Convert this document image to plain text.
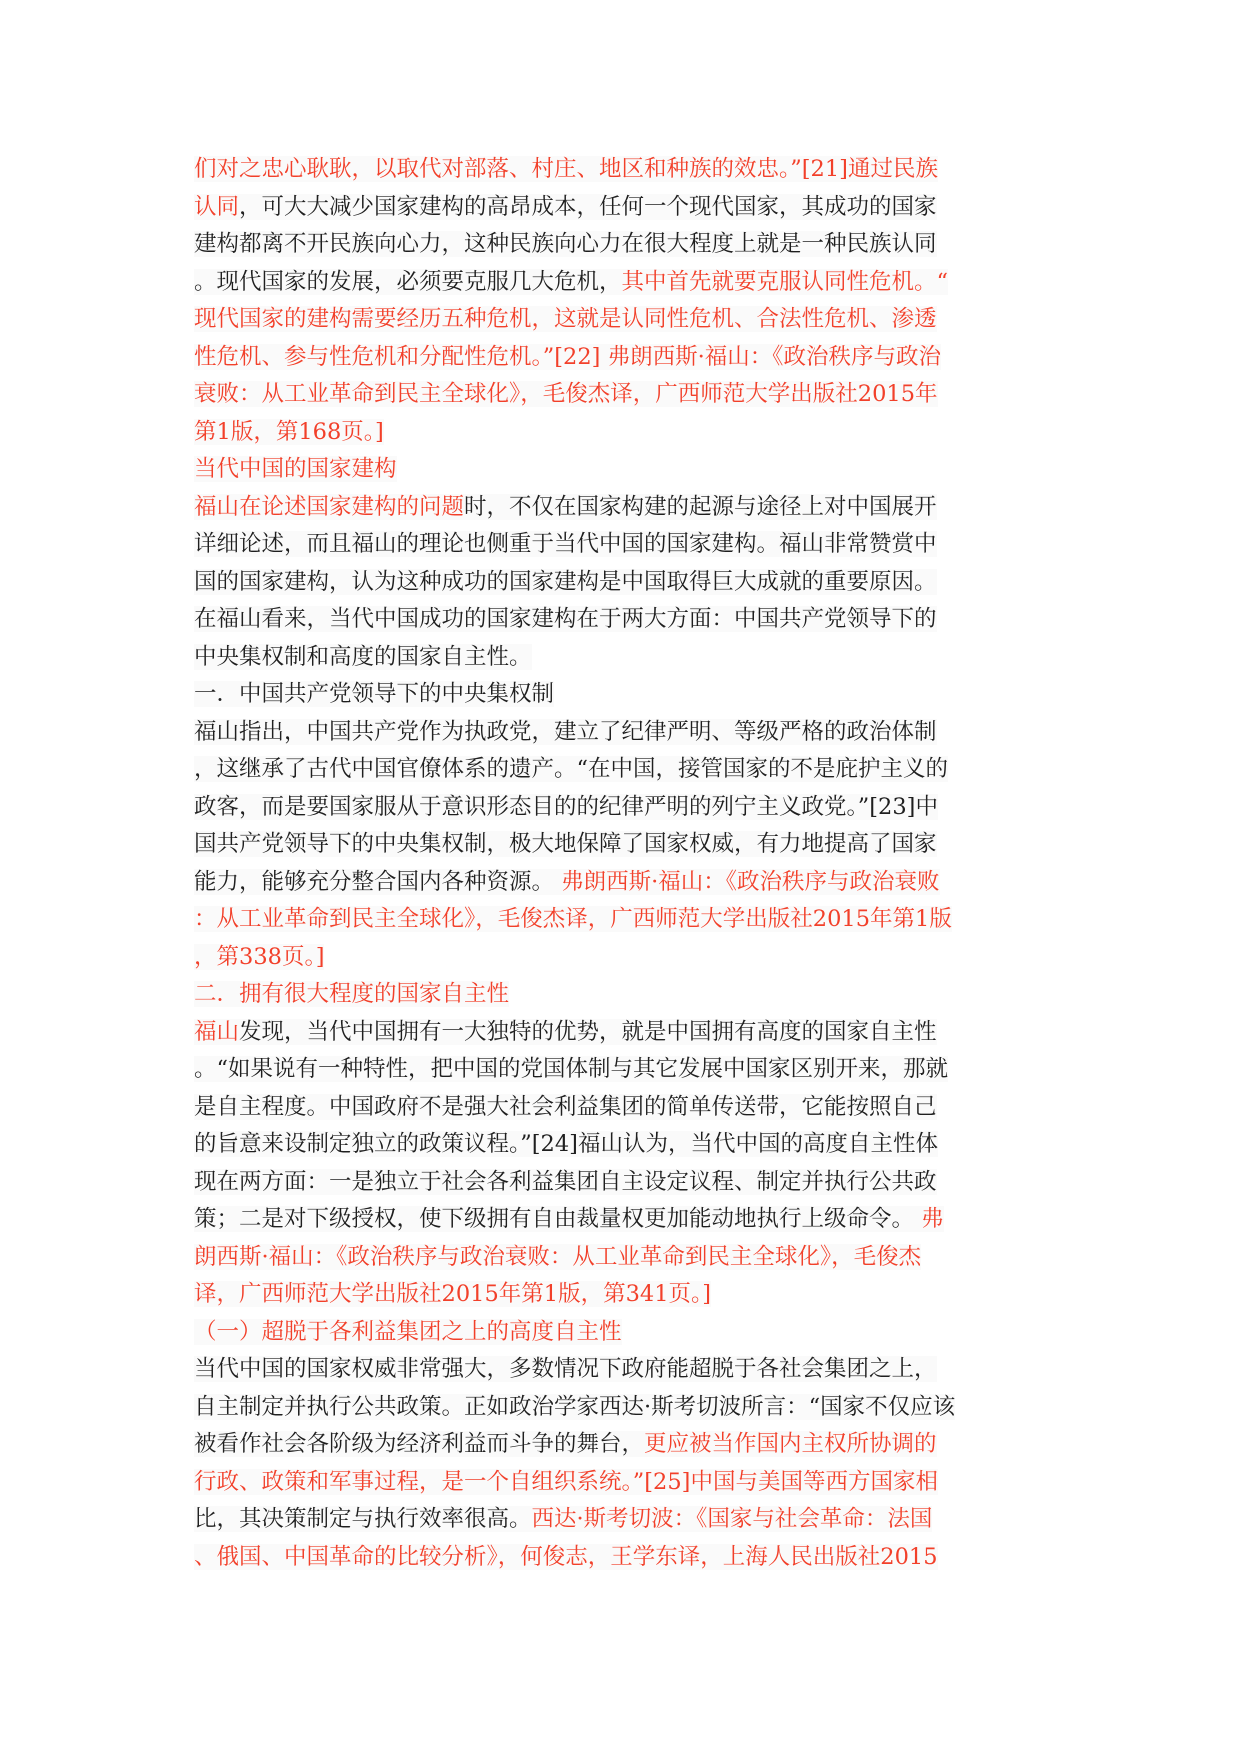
们对之忠心耿耿，以取代对部落、村庄、地区和种族的效忠。”[21]通过民族
认同，可大大减少国家建构的高昂成本，任何一个现代国家，其成功的国家
建构都离不开民族向心力，这种民族向心力在很大程度上就是一种民族认同
。现代国家的发展，必须要克服几大危机，其中首先就要克服认同性危机。“
现代国家的建构需要经历五种危机，这就是认同性危机、合法性危机、渗透
性危机、参与性危机和分配性危机。”[22] 弗朗西斯·福山：《政治秩序与政治
衰败：从工业革命到民主全球化》，毛俊杰译，广西师范大学出版社2015年
第1版，第168页。]
当代中国的国家建构
福山在论述国家建构的问题时，不仅在国家构建的起源与途径上对中国展开
详细论述，而且福山的理论也侧重于当代中国的国家建构。福山非常赞赏中
国的国家建构，认为这种成功的国家建构是中国取得巨大成就的重要原因。
在福山看来，当代中国成功的国家建构在于两大方面：中国共产党领导下的
中央集权制和高度的国家自主性。
一．中国共产党领导下的中央集权制
福山指出，中国共产党作为执政党，建立了纪律严明、等级严格的政治体制
，这继承了古代中国官僚体系的遗产。“在中国，接管国家的不是庇护主义的
政客，而是要国家服从于意识形态目的的纪律严明的列宁主义政党。”[23]中
国共产党领导下的中央集权制，极大地保障了国家权威，有力地提高了国家
能力，能够充分整合国内各种资源。 弗朗西斯·福山：《政治秩序与政治衰败
：从工业革命到民主全球化》，毛俊杰译，广西师范大学出版社2015年第1版
，第338页。]
二．拥有很大程度的国家自主性
福山发现，当代中国拥有一大独特的优势，就是中国拥有高度的国家自主性
。“如果说有一种特性，把中国的党国体制与其它发展中国家区别开来，那就
是自主程度。中国政府不是强大社会利益集团的简单传送带，它能按照自己
的旨意来设制定独立的政策议程。”[24]福山认为，当代中国的高度自主性体
现在两方面：一是独立于社会各利益集团自主设定议程、制定并执行公共政
策；二是对下级授权，使下级拥有自由裁量权更加能动地执行上级命令。 弗
朗西斯·福山：《政治秩序与政治衰败：从工业革命到民主全球化》，毛俊杰
译，广西师范大学出版社2015年第1版，第341页。]
（一）超脱于各利益集团之上的高度自主性
当代中国的国家权威非常强大，多数情况下政府能超脱于各社会集团之上，
自主制定并执行公共政策。正如政治学家西达·斯考切波所言：“国家不仅应该
被看作社会各阶级为经济利益而斗争的舞台，更应被当作国内主权所协调的
行政、政策和军事过程，是一个自组织系统。”[25]中国与美国等西方国家相
比，其决策制定与执行效率很高。西达·斯考切波：《国家与社会革命：法国
、俄国、中国革命的比较分析》，何俊志，王学东译，上海人民出版社2015
